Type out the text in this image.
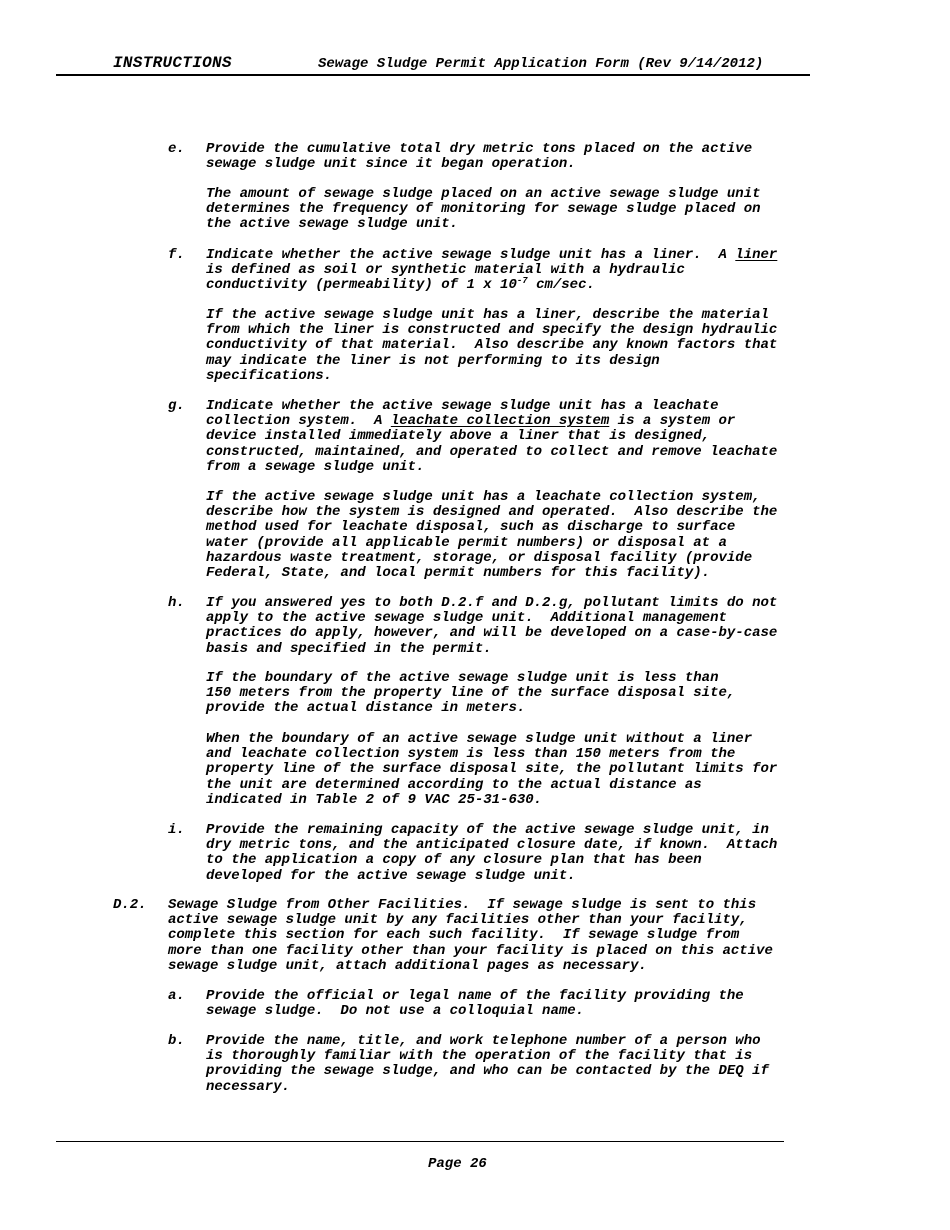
INSTRUCTIONS	Sewage Sludge Permit Application Form (Rev 9/14/2012)
e. Provide the cumulative total dry metric tons placed on the active
sewage sludge unit since it began operation.
The amount of sewage sludge placed on an active sewage sludge unit
determines the frequency of monitoring for sewage sludge placed on
the active sewage sludge unit.
f. Indicate whether the active sewage sludge unit has a liner.  A liner
is defined as soil or synthetic material with a hydraulic
conductivity (permeability) of 1 x $10^{-7}$ cm/sec.
If the active sewage sludge unit has a liner, describe the material
from which the liner is constructed and specify the design hydraulic
conductivity of that material.  Also describe any known factors that
may indicate the liner is not performing to its design
specifications.
g. Indicate whether the active sewage sludge unit has a leachate
collection system.  A leachate collection system is a system or
device installed immediately above a liner that is designed,
constructed, maintained, and operated to collect and remove leachate
from a sewage sludge unit.
If the active sewage sludge unit has a leachate collection system,
describe how the system is designed and operated.  Also describe the
method used for leachate disposal, such as discharge to surface
water (provide all applicable permit numbers) or disposal at a
hazardous waste treatment, storage, or disposal facility (provide
Federal, State, and local permit numbers for this facility).
h. If you answered yes to both D.2.f and D.2.g, pollutant limits do not
apply to the active sewage sludge unit.  Additional management
practices do apply, however, and will be developed on a case-by-case
basis and specified in the permit.
If the boundary of the active sewage sludge unit is less than
150 meters from the property line of the surface disposal site,
provide the actual distance in meters.
When the boundary of an active sewage sludge unit without a liner
and leachate collection system is less than 150 meters from the
property line of the surface disposal site, the pollutant limits for
the unit are determined according to the actual distance as
indicated in Table 2 of 9 VAC 25-31-630.
i. Provide the remaining capacity of the active sewage sludge unit, in
dry metric tons, and the anticipated closure date, if known.  Attach
to the application a copy of any closure plan that has been
developed for the active sewage sludge unit.
D.2. Sewage Sludge from Other Facilities.  If sewage sludge is sent to this
active sewage sludge unit by any facilities other than your facility,
complete this section for each such facility.  If sewage sludge from
more than one facility other than your facility is placed on this active
sewage sludge unit, attach additional pages as necessary.
a. Provide the official or legal name of the facility providing the
sewage sludge.  Do not use a colloquial name.
b. Provide the name, title, and work telephone number of a person who
is thoroughly familiar with the operation of the facility that is
providing the sewage sludge, and who can be contacted by the DEQ if
necessary.
Page 26
